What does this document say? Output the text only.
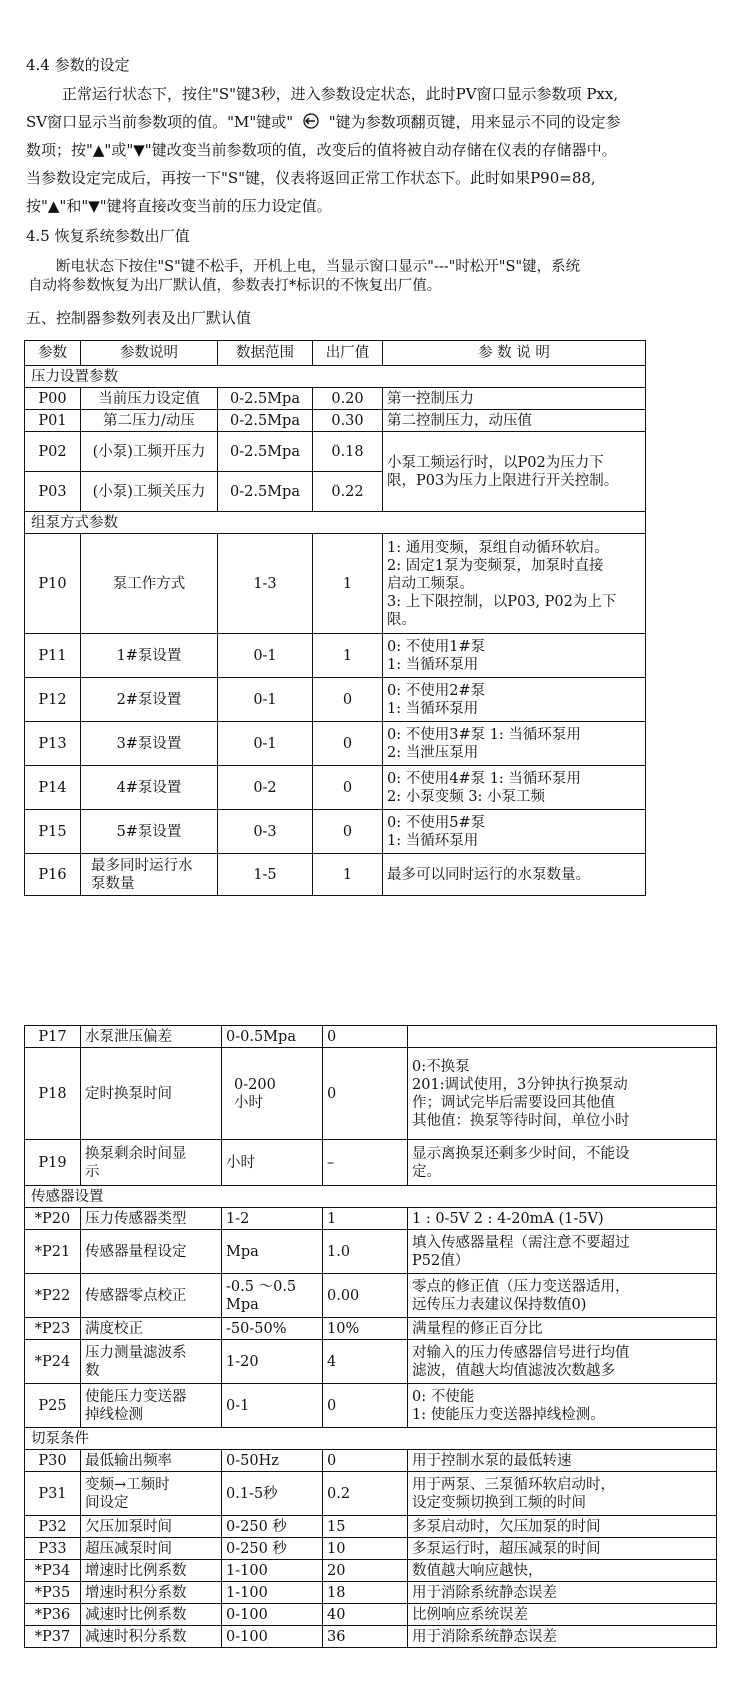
4.4 参数的设定
正常运行状态下，按住"S"键3秒，进入参数设定状态，此时PV窗口显示参数项 Pxx,
SV窗口显示当前参数项的值。"M"键或" "键为参数项翻页键，用来显示不同的设定参
数项；按"▲"或"▼"键改变当前参数项的值，改变后的值将被自动存储在仪表的存储器中。
当参数设定完成后，再按一下"S"键，仪表将返回正常工作状态下。此时如果P90=88,
按"▲"和"▼"键将直接改变当前的压力设定值。
4.5 恢复系统参数出厂值
断电状态下按住"S"键不松手，开机上电，当显示窗口显示"---"时松开"S"键，系统
自动将参数恢复为出厂默认值，参数表打*标识的不恢复出厂值。
五、控制器参数列表及出厂默认值
参数	参数说明	数据范围	出厂值	参 数 说 明
压力设置参数				
P00	当前压力设定值	0-2.5Mpa	0.20	第一控制压力
P01	第二压力/动压	0-2.5Mpa	0.30	第二控制压力，动压值
P02	(小泵)工频开压力	0-2.5Mpa	0.18	小泵工频运行时，以P02为压力下
限，P03为压力上限进行开关控制。
P03	(小泵)工频关压力	0-2.5Mpa	0.22	
组泵方式参数				
P10	泵工作方式	1-3	1	1: 通用变频，泵组自动循环软启。
2: 固定1泵为变频泵，加泵时直接
启动工频泵。
3: 上下限控制，以P03, P02为上下
限。
P11	1#泵设置	0-1	1	0: 不使用1#泵
1: 当循环泵用
P12	2#泵设置	0-1	0	0: 不使用2#泵
1: 当循环泵用
P13	3#泵设置	0-1	0	0: 不使用3#泵 1: 当循环泵用
2: 当泄压泵用
P14	4#泵设置	0-2	0	0: 不使用4#泵 1: 当循环泵用
2: 小泵变频 3: 小泵工频
P15	5#泵设置	0-3	0	0: 不使用5#泵
1: 当循环泵用
P16	最多同时运行水
泵数量	1-5	1	最多可以同时运行的水泵数量。
P17	水泵泄压偏差	0-0.5Mpa	0	
P18	定时换泵时间	0-200
小时	0	0:不换泵
201:调试使用，3分钟执行换泵动
作；调试完毕后需要设回其他值
其他值：换泵等待时间，单位小时
P19	换泵剩余时间显
示	小时	–	显示离换泵还剩多少时间，不能设
定。
传感器设置				
*P20	压力传感器类型	1-2	1	1 : 0-5V 2 : 4-20mA (1-5V)
*P21	传感器量程设定	Mpa	1.0	填入传感器量程（需注意不要超过
P52值）
*P22	传感器零点校正	-0.5 ～0.5
Mpa	0.00	零点的修正值（压力变送器适用，
远传压力表建议保持数值0)
*P23	满度校正	-50-50%	10%	满量程的修正百分比
*P24	压力测量滤波系
数	1-20	4	对输入的压力传感器信号进行均值
滤波，值越大均值滤波次数越多
P25	使能压力变送器
掉线检测	0-1	0	0: 不使能
1: 使能压力变送器掉线检测。
切泵条件				
P30	最低输出频率	0-50Hz	0	用于控制水泵的最低转速
P31	变频→工频时
间设定	0.1-5秒	0.2	用于两泵、三泵循环软启动时，
设定变频切换到工频的时间
P32	欠压加泵时间	0-250 秒	15	多泵启动时，欠压加泵的时间
P33	超压减泵时间	0-250 秒	10	多泵运行时，超压减泵的时间
*P34	增速时比例系数	1-100	20	数值越大响应越快，
*P35	增速时积分系数	1-100	18	用于消除系统静态误差
*P36	减速时比例系数	0-100	40	比例响应系统误差
*P37	减速时积分系数	0-100	36	用于消除系统静态误差
